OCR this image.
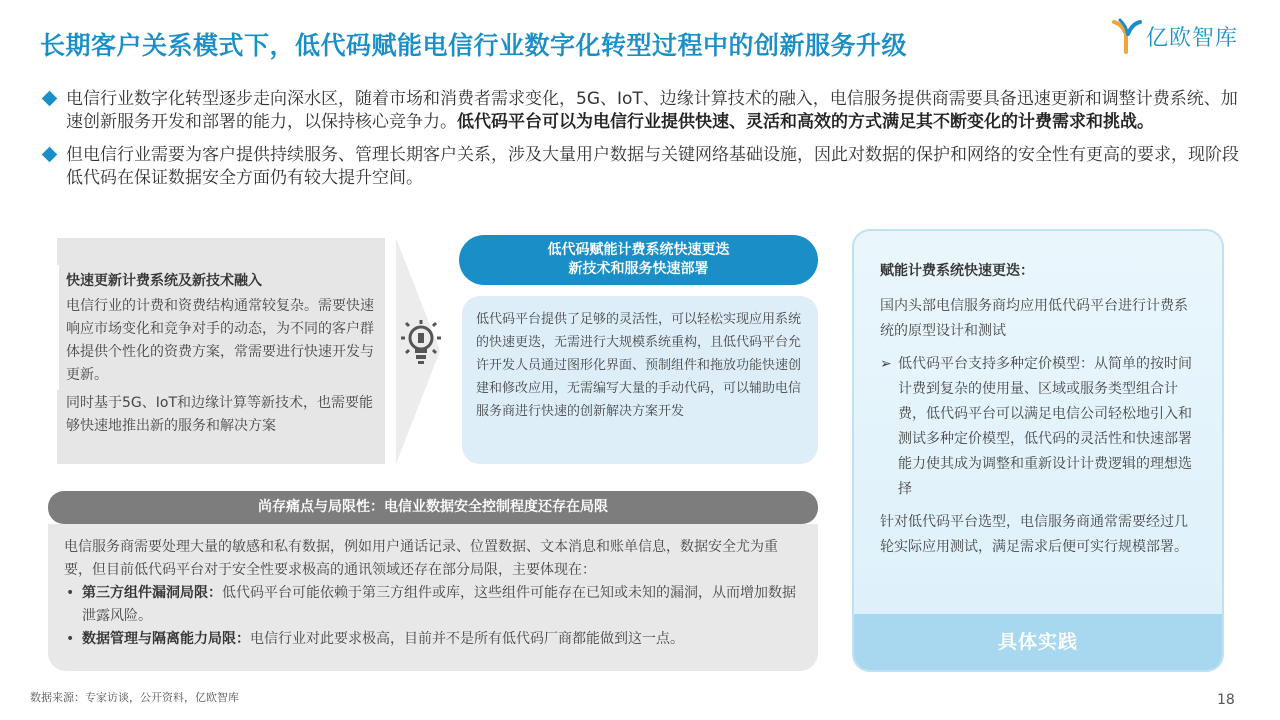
长期客户关系模式下，低代码赋能电信行业数字化转型过程中的创新服务升级	亿欧智库
电信行业数字化转型逐步走向深水区，随着市场和消费者需求变化，5G、IoT、边缘计算技术的融入，电信服务提供商需要具备迅速更新和调整计费系统、加速创新服务开发和部署的能力，以保持核心竞争力。低代码平台可以为电信行业提供快速、灵活和高效的方式满足其不断变化的计费需求和挑战。
但电信行业需要为客户提供持续服务、管理长期客户关系，涉及大量用户数据与关键网络基础设施，因此对数据的保护和网络的安全性有更高的要求，现阶段低代码在保证数据安全方面仍有较大提升空间。
快速更新计费系统及新技术融入
电信行业的计费和资费结构通常较复杂。需要快速响应市场变化和竞争对手的动态，为不同的客户群体提供个性化的资费方案，常需要进行快速开发与更新。
同时基于5G、IoT和边缘计算等新技术，也需要能够快速地推出新的服务和解决方案
低代码赋能计费系统快速更迭
新技术和服务快速部署
低代码平台提供了足够的灵活性，可以轻松实现应用系统的快速更迭，无需进行大规模系统重构，且低代码平台允许开发人员通过图形化界面、预制组件和拖放功能快速创建和修改应用，无需编写大量的手动代码，可以辅助电信服务商进行快速的创新解决方案开发
尚存痛点与局限性：电信业数据安全控制程度还存在局限
电信服务商需要处理大量的敏感和私有数据，例如用户通话记录、位置数据、文本消息和账单信息，数据安全尤为重要，但目前低代码平台对于安全性要求极高的通讯领域还存在部分局限，主要体现在：
• 第三方组件漏洞局限：低代码平台可能依赖于第三方组件或库，这些组件可能存在已知或未知的漏洞，从而增加数据泄露风险。
• 数据管理与隔离能力局限：电信行业对此要求极高，目前并不是所有低代码厂商都能做到这一点。
赋能计费系统快速更迭：
国内头部电信服务商均应用低代码平台进行计费系统的原型设计和测试
➢ 低代码平台支持多种定价模型：从简单的按时间计费到复杂的使用量、区域或服务类型组合计费，低代码平台可以满足电信公司轻松地引入和测试多种定价模型，低代码的灵活性和快速部署能力使其成为调整和重新设计计费逻辑的理想选择
针对低代码平台选型，电信服务商通常需要经过几轮实际应用测试，满足需求后便可实行规模部署。
具体实践
数据来源：专家访谈，公开资料，亿欧智库	18
